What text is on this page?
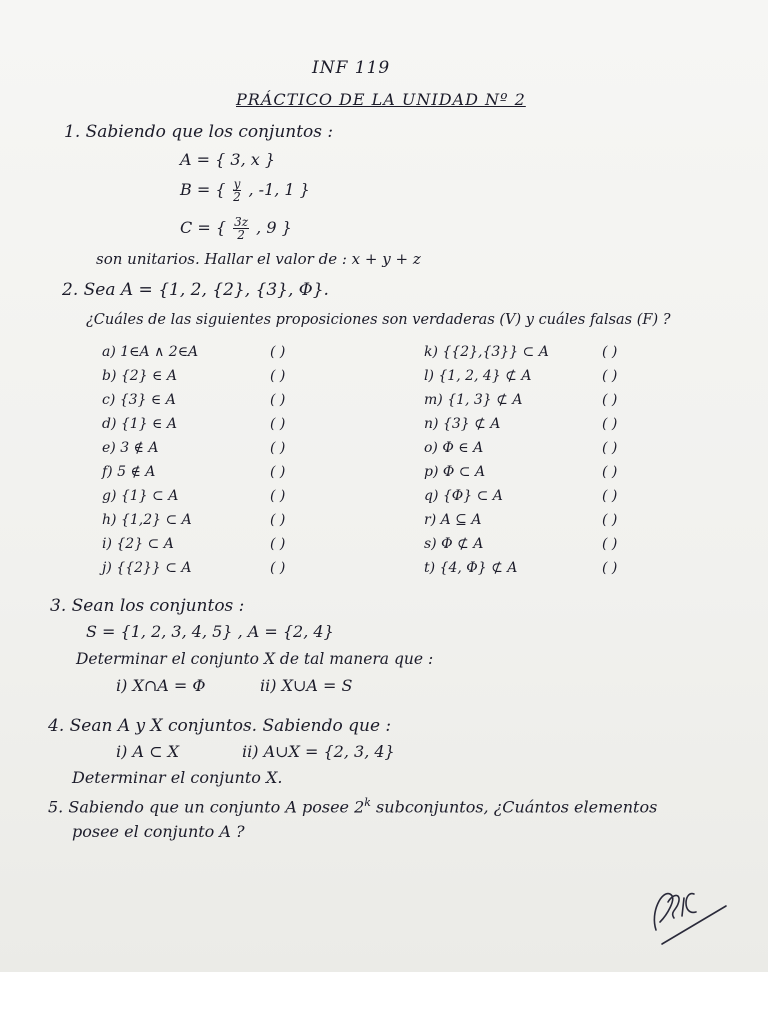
INF 119
PRÁCTICO DE LA UNIDAD Nº 2
1. Sabiendo que los conjuntos :
A = { 3, x }
B = { $\frac{y}{2}$ , -1, 1 }
C = { $\frac{3z}{2}$ , 9 }
son unitarios. Hallar el valor de : x + y + z
2. Sea A = {1, 2, {2}, {3}, Φ}.
¿Cuáles de las siguientes proposiciones son verdaderas (V) y cuáles falsas (F) ?
a) 1∈A ∧ 2∈A	( )
b) {2} ∈ A	( )
c) {3} ∈ A	( )
d) {1} ∈ A	( )
e) 3 ∉ A	( )
f) 5 ∉ A	( )
g) {1} ⊂ A	( )
h) {1,2} ⊂ A	( )
i) {2} ⊂ A	( )
j) {{2}} ⊂ A	( )
k) {{2},{3}} ⊂ A	( )
l) {1, 2, 4} ⊄ A	( )
m) {1, 3} ⊄ A	( )
n) {3} ⊄ A	( )
o) Φ ∈ A	( )
p) Φ ⊂ A	( )
q) {Φ} ⊂ A	( )
r) A ⊆ A	( )
s) Φ ⊄ A	( )
t) {4, Φ} ⊄ A	( )
3. Sean los conjuntos :
S = {1, 2, 3, 4, 5} , A = {2, 4}
Determinar el conjunto X de tal manera que :
i) X∩A = Φ	ii) X∪A = S
4. Sean A y X conjuntos. Sabiendo que :
i) A ⊂ X	ii) A∪X = {2, 3, 4}
Determinar el conjunto X.
5. Sabiendo que un conjunto A posee 2$^k$ subconjuntos, ¿Cuántos elementos
posee el conjunto A ?
